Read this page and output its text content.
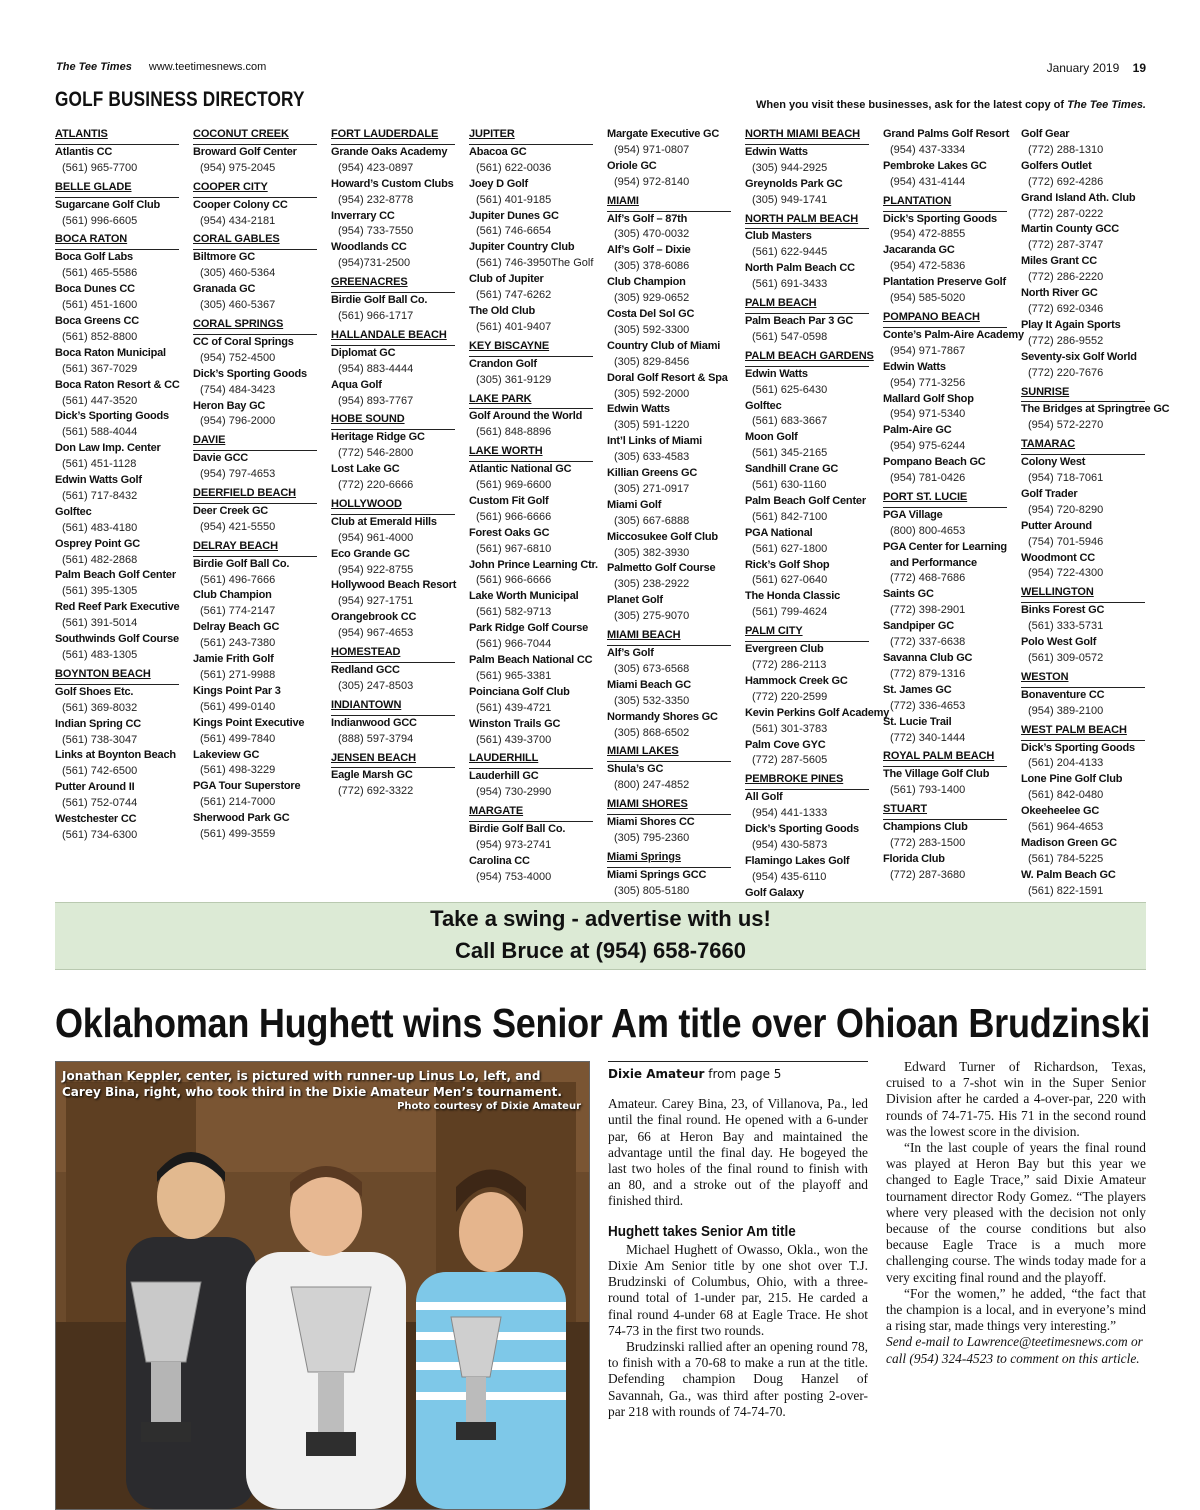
The Tee Times www.teetimesnews.com	January 2019 19
GOLF BUSINESS DIRECTORY	When you visit these businesses, ask for the latest copy of The Tee Times.
ATLANTIS
Atlantis CC
(561) 965-7700
BELLE GLADE
Sugarcane Golf Club
(561) 996-6605
BOCA RATON
Boca Golf Labs
(561) 465-5586
Boca Dunes CC
(561) 451-1600
Boca Greens CC
(561) 852-8800
Boca Raton Municipal
(561) 367-7029
Boca Raton Resort & CC
(561) 447-3520
Dick’s Sporting Goods
(561) 588-4044
Don Law Imp. Center
(561) 451-1128
Edwin Watts Golf
(561) 717-8432
Golftec
(561) 483-4180
Osprey Point GC
(561) 482-2868
Palm Beach Golf Center
(561) 395-1305
Red Reef Park Executive
(561) 391-5014
Southwinds Golf Course
(561) 483-1305
BOYNTON BEACH
Golf Shoes Etc.
(561) 369-8032
Indian Spring CC
(561) 738-3047
Links at Boynton Beach
(561) 742-6500
Putter Around II
(561) 752-0744
Westchester CC
(561) 734-6300
COCONUT CREEK
Broward Golf Center
(954) 975-2045
COOPER CITY
Cooper Colony CC
(954) 434-2181
CORAL GABLES
Biltmore GC
(305) 460-5364
Granada GC
(305) 460-5367
CORAL SPRINGS
CC of Coral Springs
(954) 752-4500
Dick’s Sporting Goods
(754) 484-3423
Heron Bay GC
(954) 796-2000
DAVIE
Davie GCC
(954) 797-4653
DEERFIELD BEACH
Deer Creek GC
(954) 421-5550
DELRAY BEACH
Birdie Golf Ball Co.
(561) 496-7666
Club Champion
(561) 774-2147
Delray Beach GC
(561) 243-7380
Jamie Frith Golf
(561) 271-9988
Kings Point Par 3
(561) 499-0140
Kings Point Executive
(561) 499-7840
Lakeview GC
(561) 498-3229
PGA Tour Superstore
(561) 214-7000
Sherwood Park GC
(561) 499-3559
FORT LAUDERDALE
Grande Oaks Academy
(954) 423-0897
Howard’s Custom Clubs
(954) 232-8778
Inverrary CC
(954) 733-7550
Woodlands CC
(954)731-2500
GREENACRES
Birdie Golf Ball Co.
(561) 966-1717
HALLANDALE BEACH
Diplomat GC
(954) 883-4444
Aqua Golf
(954) 893-7767
HOBE SOUND
Heritage Ridge GC
(772) 546-2800
Lost Lake GC
(772) 220-6666
HOLLYWOOD
Club at Emerald Hills
(954) 961-4000
Eco Grande GC
(954) 922-8755
Hollywood Beach Resort
(954) 927-1751
Orangebrook CC
(954) 967-4653
HOMESTEAD
Redland GCC
(305) 247-8503
INDIANTOWN
Indianwood GCC
(888) 597-3794
JENSEN BEACH
Eagle Marsh GC
(772) 692-3322
JUPITER
Abacoa GC
(561) 622-0036
Joey D Golf
(561) 401-9185
Jupiter Dunes GC
(561) 746-6654
Jupiter Country Club
(561) 746-3950The Golf
Club of Jupiter
(561) 747-6262
The Old Club
(561) 401-9407
KEY BISCAYNE
Crandon Golf
(305) 361-9129
LAKE PARK
Golf Around the World
(561) 848-8896
LAKE WORTH
Atlantic National GC
(561) 969-6600
Custom Fit Golf
(561) 966-6666
Forest Oaks GC
(561) 967-6810
John Prince Learning Ctr.
(561) 966-6666
Lake Worth Municipal
(561) 582-9713
Park Ridge Golf Course
(561) 966-7044
Palm Beach National CC
(561) 965-3381
Poinciana Golf Club
(561) 439-4721
Winston Trails GC
(561) 439-3700
LAUDERHILL
Lauderhill GC
(954) 730-2990
MARGATE
Birdie Golf Ball Co.
(954) 973-2741
Carolina CC
(954) 753-4000
Margate Executive GC
(954) 971-0807
Oriole GC
(954) 972-8140
MIAMI
Alf’s Golf – 87th
(305) 470-0032
Alf’s Golf – Dixie
(305) 378-6086
Club Champion
(305) 929-0652
Costa Del Sol GC
(305) 592-3300
Country Club of Miami
(305) 829-8456
Doral Golf Resort & Spa
(305) 592-2000
Edwin Watts
(305) 591-1220
Int’l Links of Miami
(305) 633-4583
Killian Greens GC
(305) 271-0917
Miami Golf
(305) 667-6888
Miccosukee Golf Club
(305) 382-3930
Palmetto Golf Course
(305) 238-2922
Planet Golf
(305) 275-9070
MIAMI BEACH
Alf’s Golf
(305) 673-6568
Miami Beach GC
(305) 532-3350
Normandy Shores GC
(305) 868-6502
MIAMI LAKES
Shula’s GC
(800) 247-4852
MIAMI SHORES
Miami Shores CC
(305) 795-2360
Miami Springs
Miami Springs GCC
(305) 805-5180
NORTH MIAMI BEACH
Edwin Watts
(305) 944-2925
Greynolds Park GC
(305) 949-1741
NORTH PALM BEACH
Club Masters
(561) 622-9445
North Palm Beach CC
(561) 691-3433
PALM BEACH
Palm Beach Par 3 GC
(561) 547-0598
PALM BEACH GARDENS
Edwin Watts
(561) 625-6430
Golftec
(561) 683-3667
Moon Golf
(561) 345-2165
Sandhill Crane GC
(561) 630-1160
Palm Beach Golf Center
(561) 842-7100
PGA National
(561) 627-1800
Rick’s Golf Shop
(561) 627-0640
The Honda Classic
(561) 799-4624
PALM CITY
Evergreen Club
(772) 286-2113
Hammock Creek GC
(772) 220-2599
Kevin Perkins Golf Academy
(561) 301-3783
Palm Cove GYC
(772) 287-5605
PEMBROKE PINES
All Golf
(954) 441-1333
Dick’s Sporting Goods
(954) 430-5873
Flamingo Lakes Golf
(954) 435-6110
Golf Galaxy
Grand Palms Golf Resort
(954) 437-3334
Pembroke Lakes GC
(954) 431-4144
PLANTATION
Dick’s Sporting Goods
(954) 472-8855
Jacaranda GC
(954) 472-5836
Plantation Preserve Golf
(954) 585-5020
POMPANO BEACH
Conte’s Palm-Aire Academy
(954) 971-7867
Edwin Watts
(954) 771-3256
Mallard Golf Shop
(954) 971-5340
Palm-Aire GC
(954) 975-6244
Pompano Beach GC
(954) 781-0426
PORT ST. LUCIE
PGA Village
(800) 800-4653
PGA Center for Learning
and Performance
(772) 468-7686
Saints GC
(772) 398-2901
Sandpiper GC
(772) 337-6638
Savanna Club GC
(772) 879-1316
St. James GC
(772) 336-4653
St. Lucie Trail
(772) 340-1444
ROYAL PALM BEACH
The Village Golf Club
(561) 793-1400
STUART
Champions Club
(772) 283-1500
Florida Club
(772) 287-3680
Golf Gear
(772) 288-1310
Golfers Outlet
(772) 692-4286
Grand Island Ath. Club
(772) 287-0222
Martin County GCC
(772) 287-3747
Miles Grant CC
(772) 286-2220
North River GC
(772) 692-0346
Play It Again Sports
(772) 286-9552
Seventy-six Golf World
(772) 220-7676
SUNRISE
The Bridges at Springtree GC
(954) 572-2270
TAMARAC
Colony West
(954) 718-7061
Golf Trader
(954) 720-8290
Putter Around
(754) 701-5946
Woodmont CC
(954) 722-4300
WELLINGTON
Binks Forest GC
(561) 333-5731
Polo West Golf
(561) 309-0572
WESTON
Bonaventure CC
(954) 389-2100
WEST PALM BEACH
Dick’s Sporting Goods
(561) 204-4133
Lone Pine Golf Club
(561) 842-0480
Okeeheelee GC
(561) 964-4653
Madison Green GC
(561) 784-5225
W. Palm Beach GC
(561) 822-1591
Take a swing - advertise with us!
Call Bruce at (954) 658-7660
Oklahoman Hughett wins Senior Am title over Ohioan Brudzinski
Jonathan Keppler, center, is pictured with runner-up Linus Lo, left, and Carey Bina, right, who took third in the Dixie Amateur Men’s tournament.
Photo courtesy of Dixie Amateur
Dixie Amateur from page 5

Amateur. Carey Bina, 23, of Villanova, Pa., led until the final round. He opened with a 6-under par, 66 at Heron Bay and maintained the advantage until the final day. He bogeyed the last two holes of the final round to finish with an 80, and a stroke out of the playoff and finished third.

Hughett takes Senior Am title

Michael Hughett of Owasso, Okla., won the Dixie Am Senior title by one shot over T.J. Brudzinski of Columbus, Ohio, with a three-round total of 1-under par, 215. He carded a final round 4-under 68 at Eagle Trace. He shot 74-73 in the first two rounds.

Brudzinski rallied after an opening round 78, to finish with a 70-68 to make a run at the title. Defending champion Doug Hanzel of Savannah, Ga., was third after posting 2-over-par 218 with rounds of 74-74-70.

Edward Turner of Richardson, Texas, cruised to a 7-shot win in the Super Senior Division after he carded a 4-over-par, 220 with rounds of 74-71-75. His 71 in the second round was the lowest score in the division.

“In the last couple of years the final round was played at Heron Bay but this year we changed to Eagle Trace,” said Dixie Amateur tournament director Rody Gomez. “The players where very pleased with the decision not only because of the course conditions but also because Eagle Trace is a much more challenging course. The winds today made for a very exciting final round and the playoff.

“For the women,” he added, “the fact that the champion is a local, and in everyone’s mind a rising star, made things very interesting.”

Send e-mail to Lawrence@teetimesnews.com or call (954) 324-4523 to comment on this article.
